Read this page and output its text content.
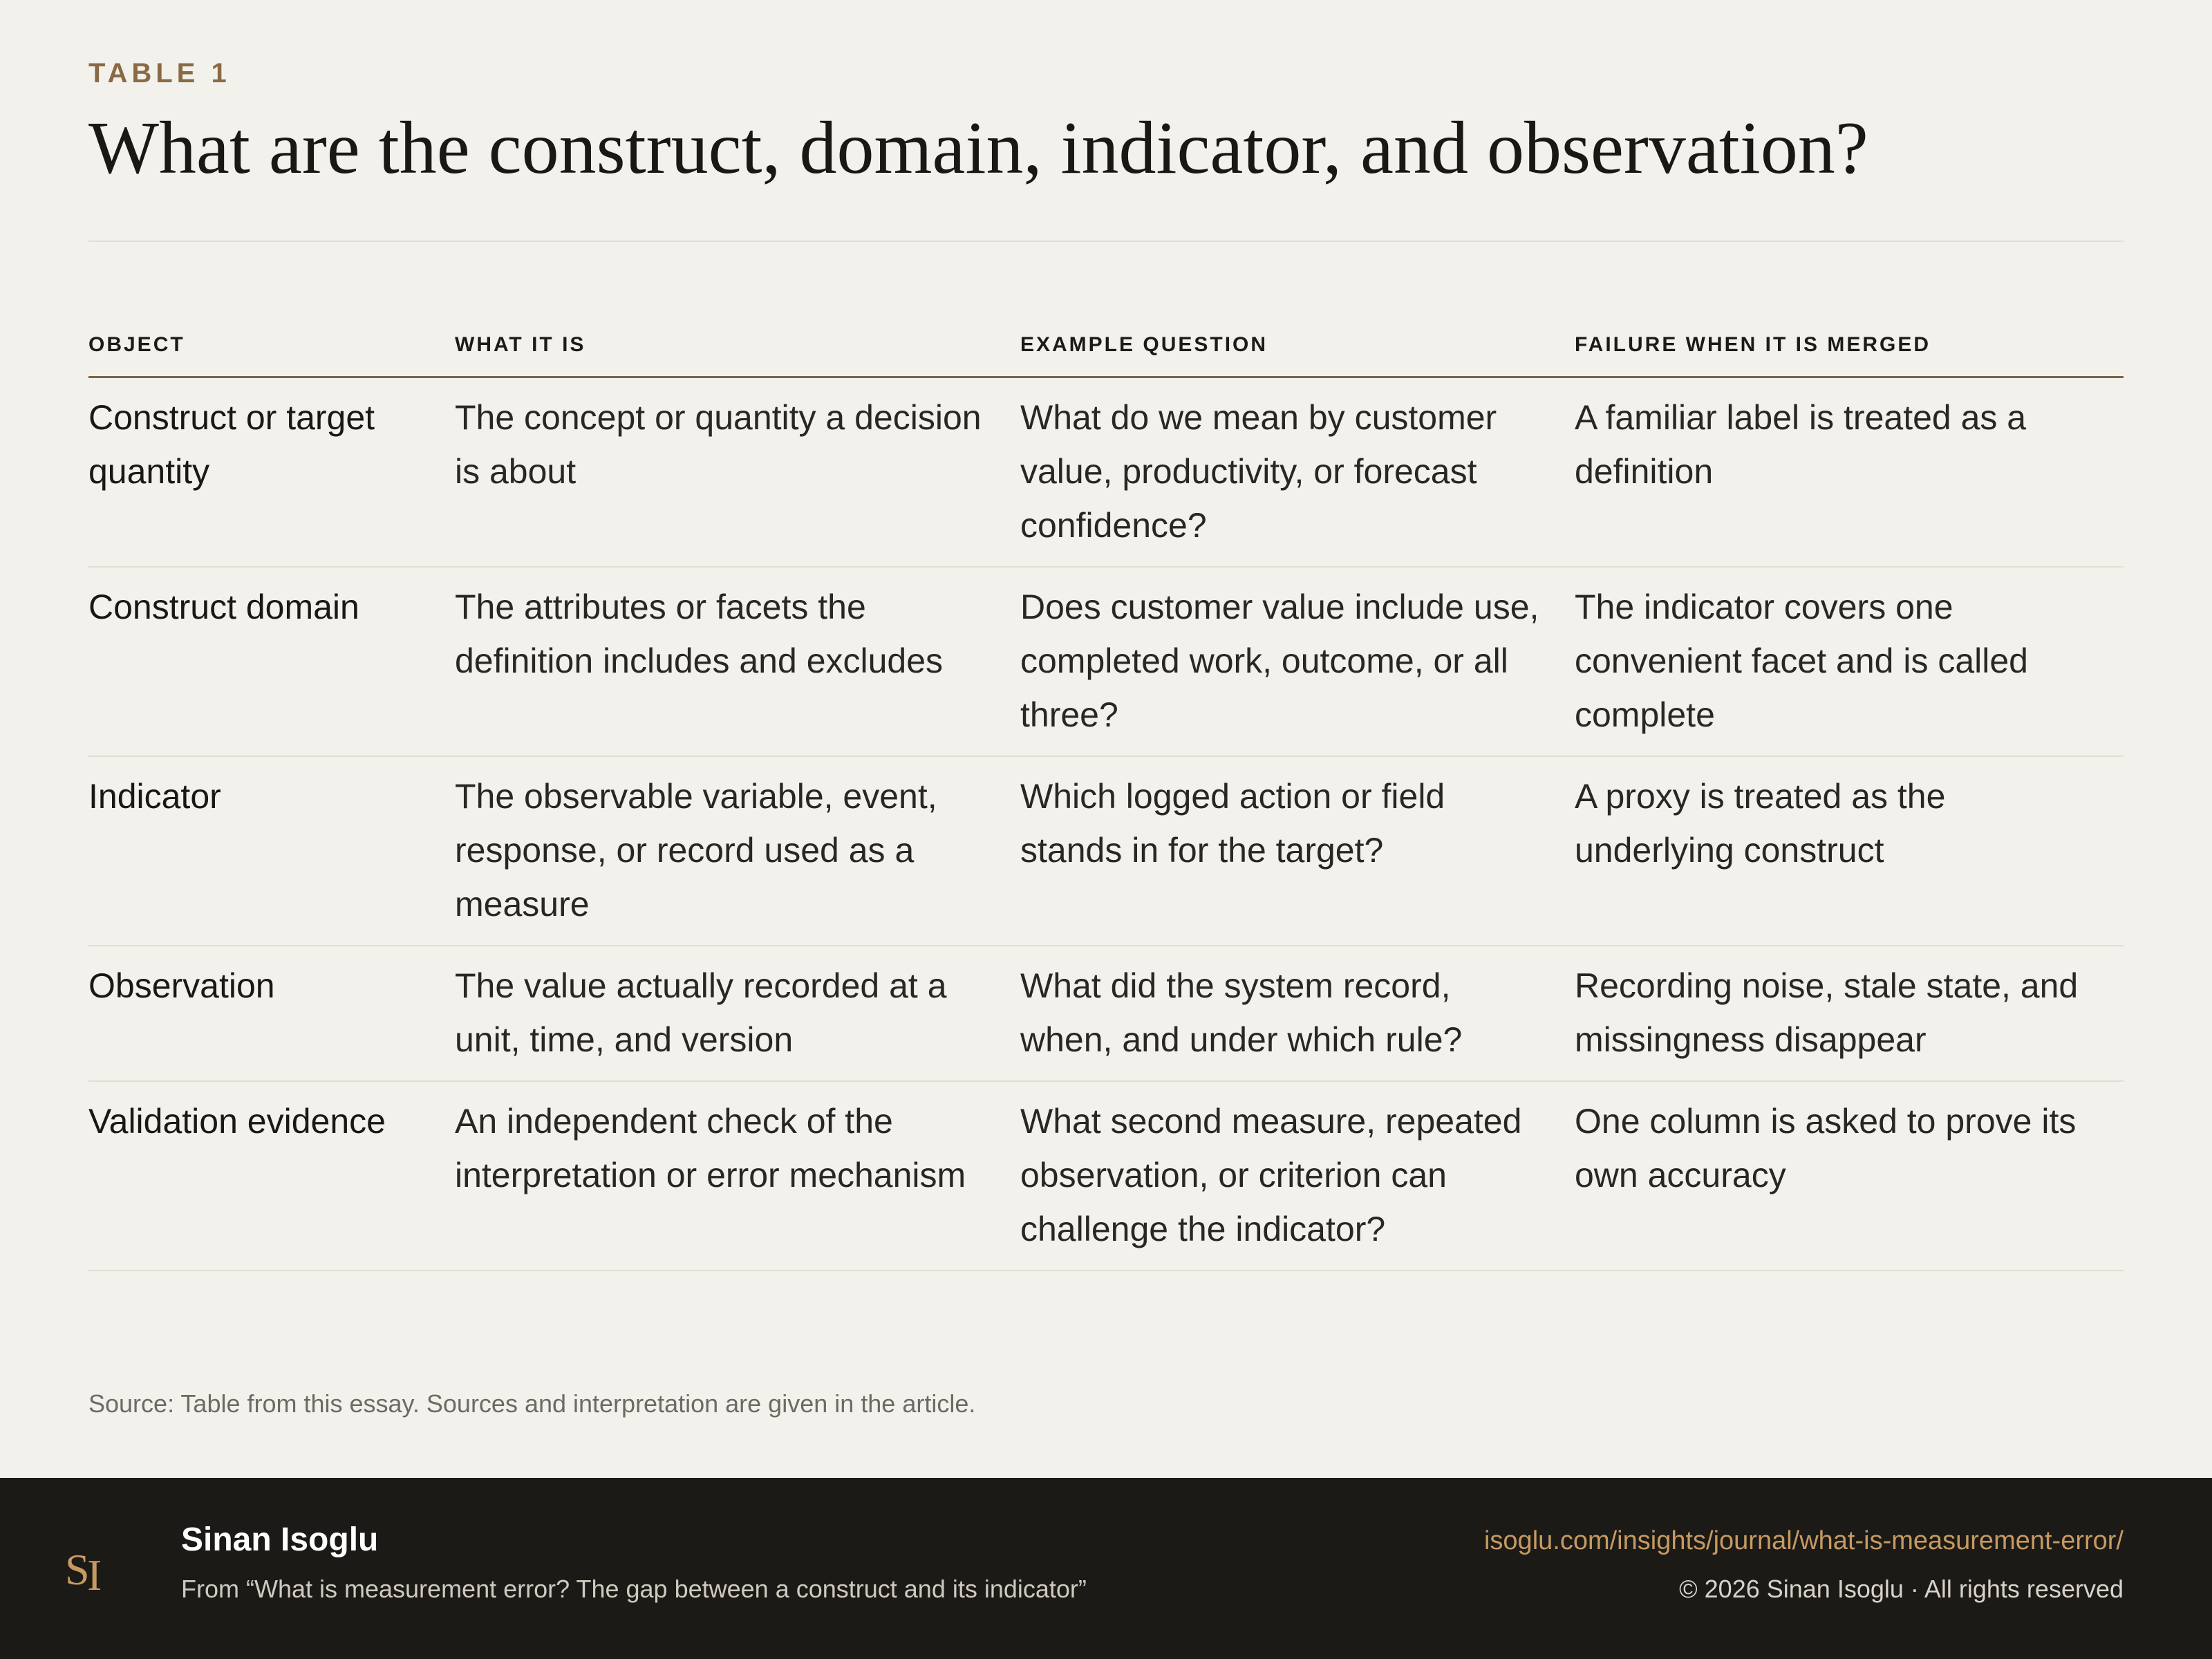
TABLE 1
What are the construct, domain, indicator, and observation?
OBJECT	WHAT IT IS	EXAMPLE QUESTION	FAILURE WHEN IT IS MERGED
Construct or target quantity	The concept or quantity a decision is about	What do we mean by customer value, productivity, or forecast confidence?	A familiar label is treated as a definition
Construct domain	The attributes or facets the definition includes and excludes	Does customer value include use, completed work, outcome, or all three?	The indicator covers one convenient facet and is called complete
Indicator	The observable variable, event, response, or record used as a measure	Which logged action or field stands in for the target?	A proxy is treated as the underlying construct
Observation	The value actually recorded at a unit, time, and version	What did the system record, when, and under which rule?	Recording noise, stale state, and missingness disappear
Validation evidence	An independent check of the interpretation or error mechanism	What second measure, repeated observation, or criterion can challenge the indicator?	One column is asked to prove its own accuracy
Source: Table from this essay. Sources and interpretation are given in the article.
S
I
Sinan Isoglu
From “What is measurement error? The gap between a construct and its indicator”
isoglu.com/insights/journal/what-is-measurement-error/
© 2026 Sinan Isoglu · All rights reserved
